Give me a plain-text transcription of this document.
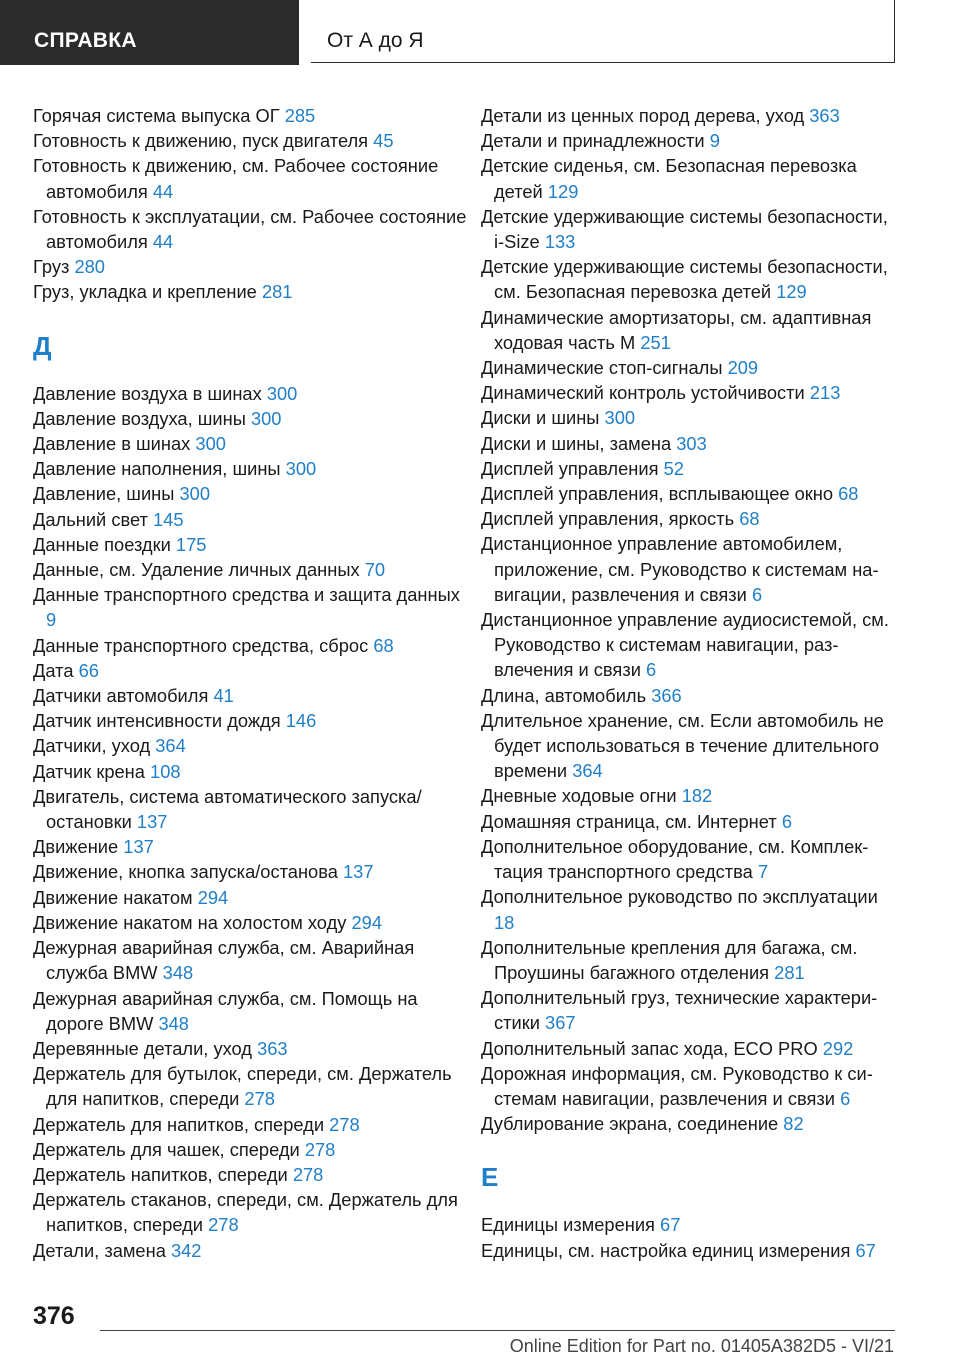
СПРАВКА	От А до Я
Горячая система выпуска ОГ 285
Готовность к движению, пуск двигателя 45
Готовность к движению, см. Рабочее состояние автомобиля 44
Готовность к эксплуатации, см. Рабочее состояние автомобиля 44
Груз 280
Груз, укладка и крепление 281
Д
Давление воздуха в шинах 300
Давление воздуха, шины 300
Давление в шинах 300
Давление наполнения, шины 300
Давление, шины 300
Дальний свет 145
Данные поездки 175
Данные, см. Удаление личных данных 70
Данные транспортного средства и защита данных 9
Данные транспортного средства, сброс 68
Дата 66
Датчики автомобиля 41
Датчик интенсивности дождя 146
Датчики, уход 364
Датчик крена 108
Двигатель, система автоматического запуска/ остановки 137
Движение 137
Движение, кнопка запуска/останова 137
Движение накатом 294
Движение накатом на холостом ходу 294
Дежурная аварийная служба, см. Аварийная служба BMW 348
Дежурная аварийная служба, см. Помощь на дороге BMW 348
Деревянные детали, уход 363
Держатель для бутылок, спереди, см. Держатель для напитков, спереди 278
Держатель для напитков, спереди 278
Держатель для чашек, спереди 278
Держатель напитков, спереди 278
Держатель стаканов, спереди, см. Держатель для напитков, спереди 278
Детали, замена 342
Детали из ценных пород дерева, уход 363
Детали и принадлежности 9
Детские сиденья, см. Безопасная перевозка детей 129
Детские удерживающие системы безопасности, i-Size 133
Детские удерживающие системы безопасности, см. Безопасная перевозка детей 129
Динамические амортизаторы, см. адаптивная ходовая часть M 251
Динамические стоп-сигналы 209
Динамический контроль устойчивости 213
Диски и шины 300
Диски и шины, замена 303
Дисплей управления 52
Дисплей управления, всплывающее окно 68
Дисплей управления, яркость 68
Дистанционное управление автомобилем, приложение, см. Руководство к системам навигации, развлечения и связи 6
Дистанционное управление аудиосистемой, см. Руководство к системам навигации, развлечения и связи 6
Длина, автомобиль 366
Длительное хранение, см. Если автомобиль не будет использоваться в течение длительного времени 364
Дневные ходовые огни 182
Домашняя страница, см. Интернет 6
Дополнительное оборудование, см. Комплектация транспортного средства 7
Дополнительное руководство по эксплуатации 18
Дополнительные крепления для багажа, см. Проушины багажного отделения 281
Дополнительный груз, технические характеристики 367
Дополнительный запас хода, ECO PRO 292
Дорожная информация, см. Руководство к системам навигации, развлечения и связи 6
Дублирование экрана, соединение 82
Е
Единицы измерения 67
Единицы, см. настройка единиц измерения 67
376
Online Edition for Part no. 01405A382D5 - VI/21
